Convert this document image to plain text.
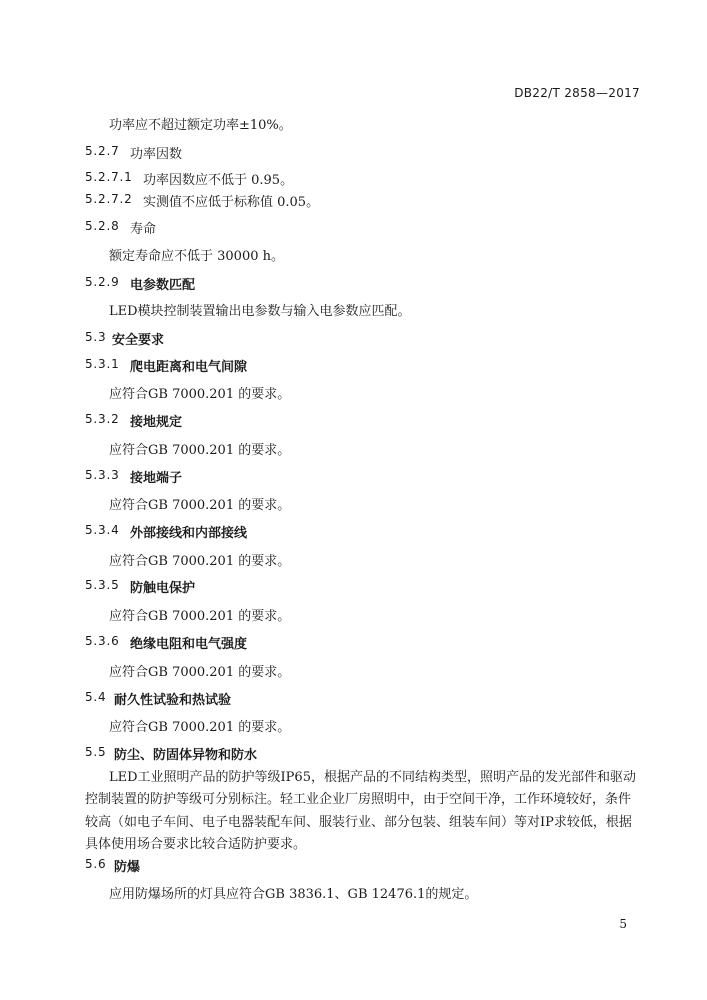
DB22/T 2858—2017
功率应不超过额定功率±10%。
5.2.7 功率因数
5.2.7.1 功率因数应不低于 0.95。
5.2.7.2 实测值不应低于标称值 0.05。
5.2.8 寿命
额定寿命应不低于 30000 h。
5.2.9 电参数匹配
LED模块控制装置输出电参数与输入电参数应匹配。
5.3 安全要求
5.3.1 爬电距离和电气间隙
应符合GB 7000.201 的要求。
5.3.2 接地规定
应符合GB 7000.201 的要求。
5.3.3 接地端子
应符合GB 7000.201 的要求。
5.3.4 外部接线和内部接线
应符合GB 7000.201 的要求。
5.3.5 防触电保护
应符合GB 7000.201 的要求。
5.3.6 绝缘电阻和电气强度
应符合GB 7000.201 的要求。
5.4 耐久性试验和热试验
应符合GB 7000.201 的要求。
5.5 防尘、防固体异物和防水
LED工业照明产品的防护等级IP65，根据产品的不同结构类型，照明产品的发光部件和驱动控制装置的防护等级可分别标注。轻工业企业厂房照明中，由于空间干净，工作环境较好，条件较高（如电子车间、电子电器装配车间、服装行业、部分包装、组装车间）等对IP求较低，根据具体使用场合要求比较合适防护要求。
5.6 防爆
应用防爆场所的灯具应符合GB 3836.1、GB 12476.1的规定。
5
